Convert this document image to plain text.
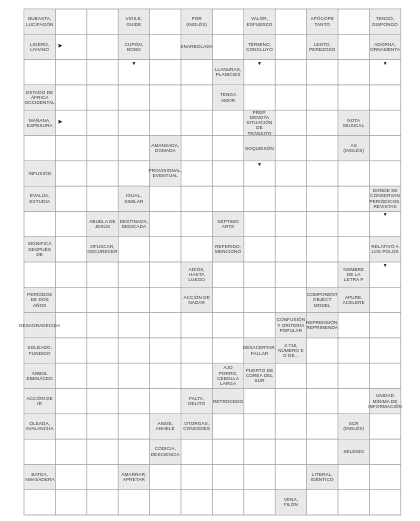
BUBASTA, LUCIFAGÓN
LIGERO, LIVIANO
▶
VIGILE, GUIDE
CUPÓN, BONO
▼
POR (INGLÉS)
ENARBOLADA
VALOR, ESFUERZO
TÉRMINO, CONCLUYO
▼
APÓCOPE TANTO
LENTO, PEREZOSO
TENGO, DISPONGO
ADORNA, ORNAMENTA
▼
LLANURAS, PLANICIES
TENGA AMOR
ESTADO DE ÁFRICA OCCIDENTAL
MAÑANA, ESPESURA
▶
PREP. DENOTA SITUACIÓN DE TRÁNSITO
SOQUIESÓN
▼
NOTA MUSICAL
AS (INGLÉS)
AMANSADA, DOMADA
PROVISIONAL, EVENTUAL
INFUSIÓN
EVALÚA, ESTUDIA
IGUAL, SIMILAR
DESTINADA, DEDICADA
DONDE SE CONSERVAN PERIÓDICOS, REVISTAS
▼
SÉPTIMO ARTE
REFERIDO, MENCIONO
ABUELA DE JESÚS
OFUSCAR, OSCURECER
SIGNIFICA DESPUÉS DE
RELATIVO A LOS POLOS
▼
ADIÓS, HASTA LUEGO
ACCIÓN DE NADAR
NOMBRE DE LA LETRA P
APURE, ACELERE
PERÍODOS DE DOS AÑOS
DESAGRADECIDA
COMPONENT OBJECT MODEL
REPRENSIÓN, REPRIMENDA
CONFUSIÓN Y GRITERÍA POPULAR
3.718, NÚMERO E O DE...
DESACERTAR, FALLAR
PUERTO DE COREA DEL SUR
SOLDADO, FUNDIDO
ÁRBOL EBENÁCEO
AJO PORRO, CEBOLLA LARGA
RETROCEDO
FALTA, DELITO
OTORGAS, CONCEDES
ACCIÓN DE IR
OLEADA, AVALANCHA
UNIDAD MÍNIMA DE INFORMACIÓN
ANSÍE, ANHELE
CODICIA, DESCIENCIA
SCR (INGLÉS)
SELENIO
BATEA, AMASADERA
AMARRAR, APRETAR
LITERAL, IDÉNTICO
VENA, FILÓN
